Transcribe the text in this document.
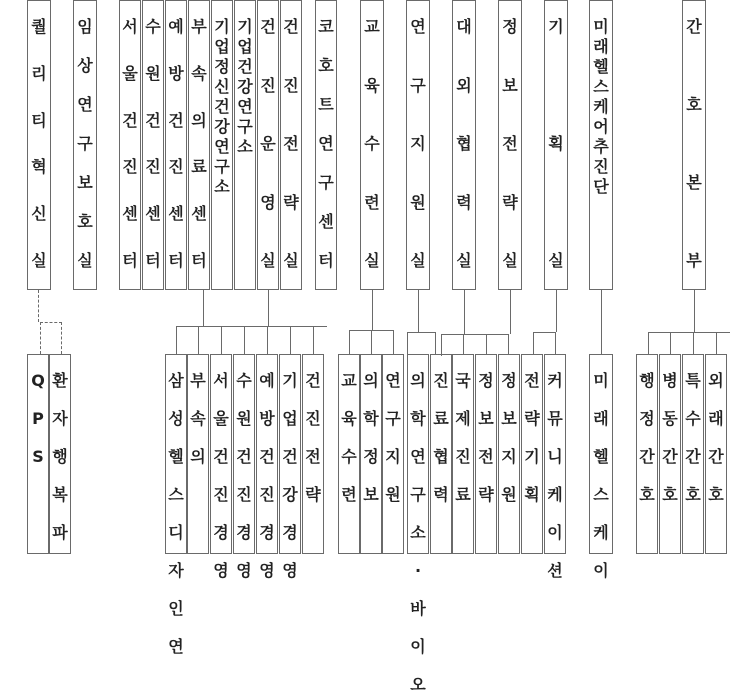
퀄
리
티
혁
신
실
임
상
연
구
보
호
실
서
울
건
진
센
터
수
원
건
진
센
터
예
방
건
진
센
터
부
속
의
료
센
터
기
업
정
신
건
강
연
구
소
기
업
건
강
연
구
소
건
진
운
영
실
건
진
전
략
실
코
호
트
연
구
센
터
교
육
수
련
실
연
구
지
원
실
대
외
협
력
실
정
보
전
략
실
기
획
실
미
래
헬
스
케
어
추
진
단
간
호
본
부
Q
P
S
환
자
행
복
파
삼
성
헬
스
디
자
인
연
부
속
의
서
울
건
진
경
영
수
원
건
진
경
영
예
방
건
진
경
영
기
업
건
강
경
영
건
진
전
략
교
육
수
련
의
학
정
보
연
구
지
원
의
학
연
구
소
·
바
이
오
진
료
협
력
국
제
진
료
정
보
전
략
정
보
지
원
전
략
기
획
커
뮤
니
케
이
션
미
래
헬
스
케
이
행
정
간
호
병
동
간
호
특
수
간
호
외
래
간
호
